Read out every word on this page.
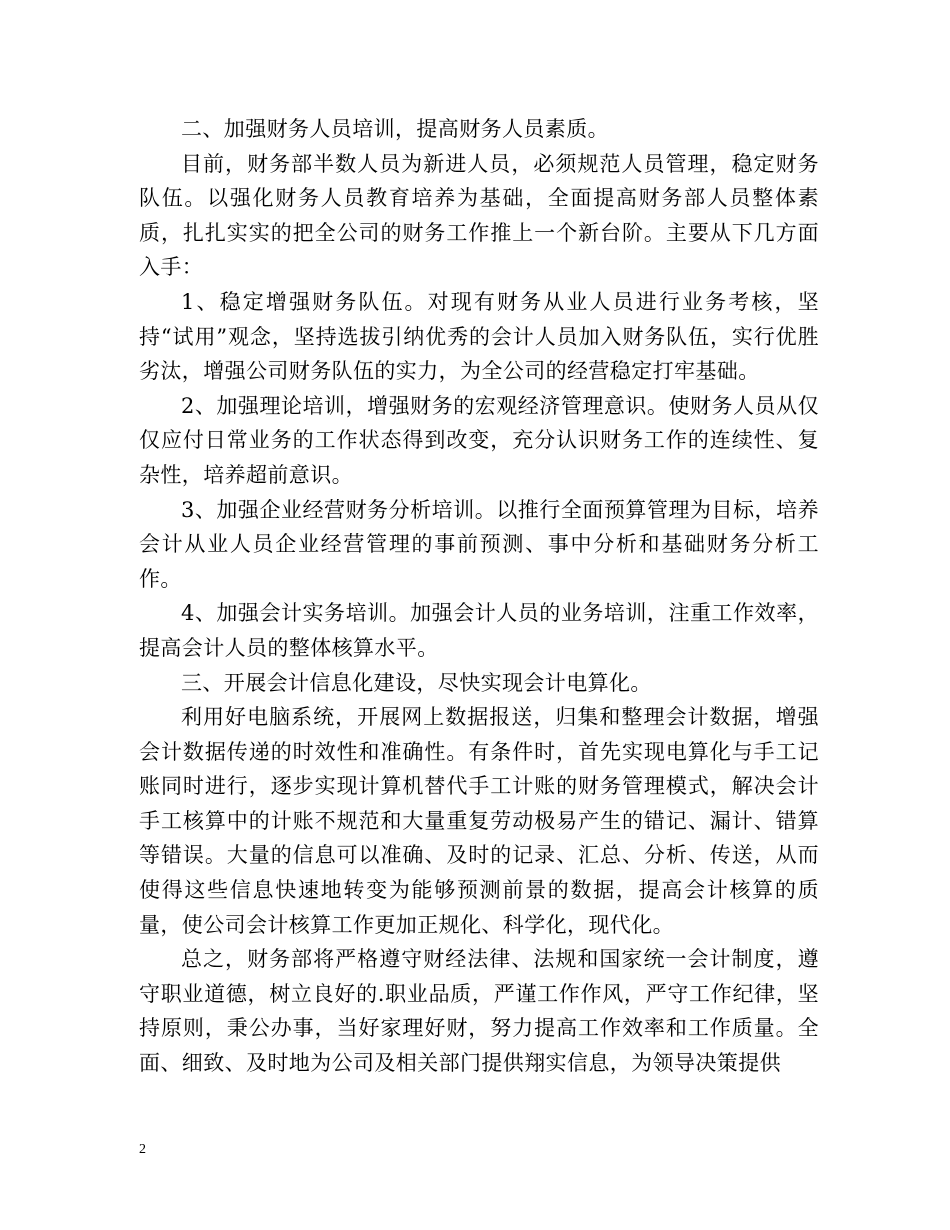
二、加强财务人员培训，提高财务人员素质。

目前，财务部半数人员为新进人员，必须规范人员管理，稳定财务队伍。以强化财务人员教育培养为基础，全面提高财务部人员整体素质，扎扎实实的把全公司的财务工作推上一个新台阶。主要从下几方面入手：

1、稳定增强财务队伍。对现有财务从业人员进行业务考核，坚持“试用”观念，坚持选拔引纳优秀的会计人员加入财务队伍，实行优胜劣汰，增强公司财务队伍的实力，为全公司的经营稳定打牢基础。

2、加强理论培训，增强财务的宏观经济管理意识。使财务人员从仅仅应付日常业务的工作状态得到改变，充分认识财务工作的连续性、复杂性，培养超前意识。

3、加强企业经营财务分析培训。以推行全面预算管理为目标，培养会计从业人员企业经营管理的事前预测、事中分析和基础财务分析工作。

4、加强会计实务培训。加强会计人员的业务培训，注重工作效率，提高会计人员的整体核算水平。

三、开展会计信息化建设，尽快实现会计电算化。

利用好电脑系统，开展网上数据报送，归集和整理会计数据，增强会计数据传递的时效性和准确性。有条件时，首先实现电算化与手工记账同时进行，逐步实现计算机替代手工计账的财务管理模式，解决会计手工核算中的计账不规范和大量重复劳动极易产生的错记、漏计、错算等错误。大量的信息可以准确、及时的记录、汇总、分析、传送，从而使得这些信息快速地转变为能够预测前景的数据，提高会计核算的质量，使公司会计核算工作更加正规化、科学化，现代化。

总之，财务部将严格遵守财经法律、法规和国家统一会计制度，遵守职业道德，树立良好的.职业品质，严谨工作作风，严守工作纪律，坚持原则，秉公办事，当好家理好财，努力提高工作效率和工作质量。全面、细致、及时地为公司及相关部门提供翔实信息，为领导决策提供

2
